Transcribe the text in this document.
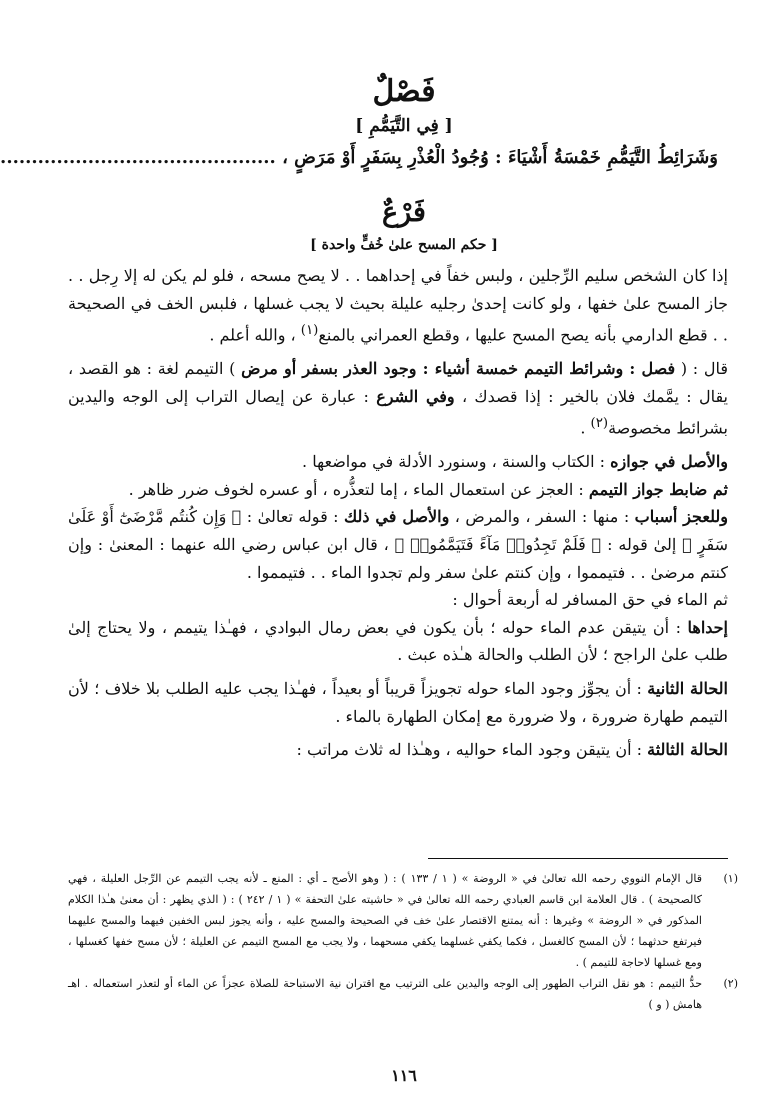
فَصْلٌ
[ فِي التَّيَمُّمِ ]
وَشَرَائِطُ التَّيَمُّمِ خَمْسَةُ أَشْيَاءَ : وُجُودُ الْعُذْرِ بِسَفَرٍ أَوْ مَرَضٍ ، ............................................
فَرْعٌ
[ حكم المسح علىٰ خُفٍّ واحدة ]

إذا كان الشخص سليم الرِّجلين ، ولبس خفاً في إحداهما . . لا يصح مسحه ، فلو لم يكن له إلا رِجل . . جاز المسح علىٰ خفها ، ولو كانت إحدىٰ رجليه عليلة بحيث لا يجب غسلها ، فلبس الخف في الصحيحة . . قطع الدارمي بأنه يصح المسح عليها ، وقطع العمراني بالمنع$^{(١)}$ ، والله أعلم .

قال : ( فصل : وشرائط التيمم خمسة أشياء : وجود العذر بسفر أو مرض ) التيمم لغة : هو القصد ، يقال : يمَّمك فلان بالخير : إذا قصدك ، وفي الشرع : عبارة عن إيصال التراب إلى الوجه واليدين بشرائط مخصوصة$^{(٢)}$ .

والأصل في جوازه : الكتاب والسنة ، وسنورد الأدلة في مواضعها .

ثم ضابط جواز التيمم : العجز عن استعمال الماء ، إما لتعذُّره ، أو عسره لخوف ضرر ظاهر .

وللعجز أسباب : منها : السفر ، والمرض ، والأصل في ذلك : قوله تعالىٰ : ﴿ وَإِن كُنتُم مَّرْضَىٰٓ أَوْ عَلَىٰ سَفَرٍ ﴾ إلىٰ قوله : ﴿ فَلَمْ تَجِدُوا۟ مَآءً فَتَيَمَّمُوا۟ ﴾ ، قال ابن عباس رضي الله عنهما : المعنىٰ : وإن كنتم مرضىٰ . . فتيمموا ، وإن كنتم علىٰ سفر ولم تجدوا الماء . . فتيمموا .

ثم الماء في حق المسافر له أربعة أحوال :

إحداها : أن يتيقن عدم الماء حوله ؛ بأن يكون في بعض رمال البوادي ، فهـٰذا يتيمم ، ولا يحتاج إلىٰ طلب علىٰ الراجح ؛ لأن الطلب والحالة هـٰذه عبث .

الحالة الثانية : أن يجوِّز وجود الماء حوله تجويزاً قريباً أو بعيداً ، فهـٰذا يجب عليه الطلب بلا خلاف ؛ لأن التيمم طهارة ضرورة ، ولا ضرورة مع إمكان الطهارة بالماء .

الحالة الثالثة : أن يتيقن وجود الماء حواليه ، وهـٰذا له ثلاث مراتب :

(١)

قال الإمام النووي رحمه الله تعالىٰ في « الروضة » ( ١ / ١٣٣ ) : ( وهو الأصح ـ أي : المنع ـ لأنه يجب التيمم عن الرِّجل العليلة ، فهي كالصحيحة ) . قال العلامة ابن قاسم العبادي رحمه الله تعالىٰ في « حاشيته علىٰ التحفة » ( ١ / ٢٤٢ ) : ( الذي يظهر : أن معنىٰ هـٰذا الكلام المذكور في « الروضة » وغيرها : أنه يمتنع الاقتصار علىٰ خف في الصحيحة والمسح عليه ، وأنه يجوز لبس الخفين فيهما والمسح عليهما فيرتفع حدثهما ؛ لأن المسح كالغسل ، فكما يكفي غسلهما يكفي مسحهما ، ولا يجب مع المسح التيمم عن العليلة ؛ لأن مسح خفها كغسلها ، ومع غسلها لاحاجة للتيمم ) .

(٢)

حدُّ التيمم : هو نقل التراب الطهور إلى الوجه واليدين على الترتيب مع اقتران نية الاستباحة للصلاة عجزاً عن الماء أو لتعذر استعماله . اهـ هامش ( و )

١١٦
